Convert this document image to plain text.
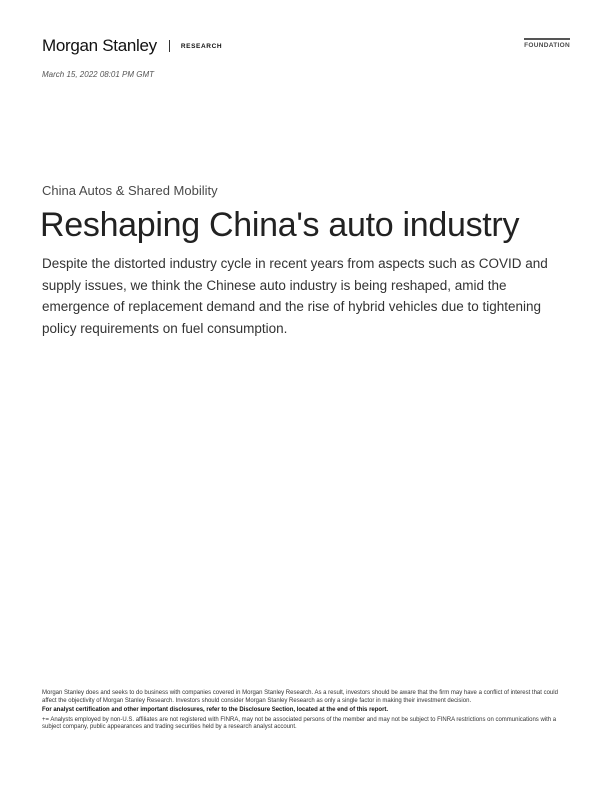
Morgan Stanley	RESEARCH	FOUNDATION
March 15, 2022 08:01 PM GMT
China Autos & Shared Mobility
Reshaping China's auto industry

Despite the distorted industry cycle in recent years from aspects such as COVID and supply issues, we think the Chinese auto industry is being reshaped, amid the emergence of replacement demand and the rise of hybrid vehicles due to tightening policy requirements on fuel consumption.

Morgan Stanley does and seeks to do business with companies covered in Morgan Stanley Research. As a result, investors should be aware that the firm may have a conflict of interest that could affect the objectivity of Morgan Stanley Research. Investors should consider Morgan Stanley Research as only a single factor in making their investment decision.

For analyst certification and other important disclosures, refer to the Disclosure Section, located at the end of this report.

+= Analysts employed by non-U.S. affiliates are not registered with FINRA, may not be associated persons of the member and may not be subject to FINRA restrictions on communications with a subject company, public appearances and trading securities held by a research analyst account.
